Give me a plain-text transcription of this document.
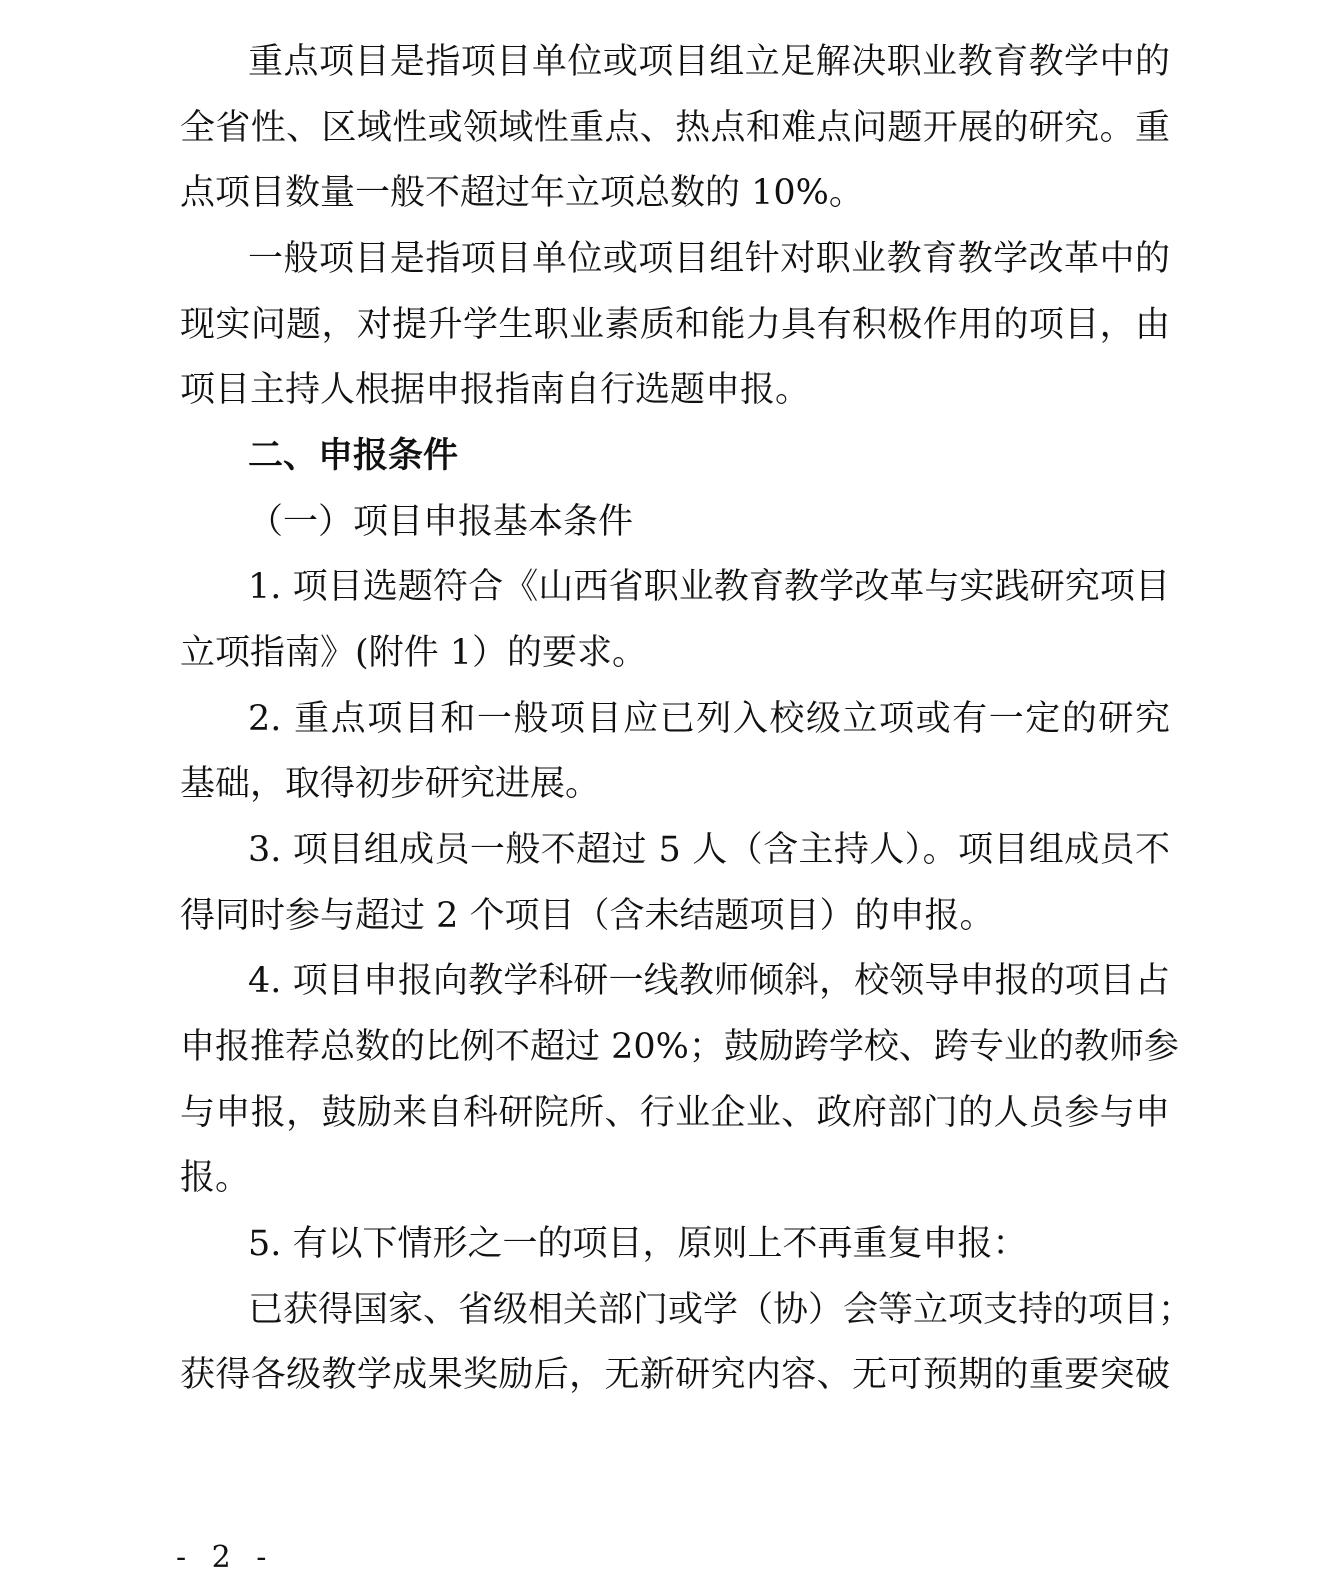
重点项目是指项目单位或项目组立足解决职业教育教学中的
全省性、区域性或领域性重点、热点和难点问题开展的研究。重
点项目数量一般不超过年立项总数的 10%。
一般项目是指项目单位或项目组针对职业教育教学改革中的
现实问题，对提升学生职业素质和能力具有积极作用的项目，由
项目主持人根据申报指南自行选题申报。
二、申报条件
（一）项目申报基本条件
1. 项目选题符合《山西省职业教育教学改革与实践研究项目
立项指南》(附件 1）的要求。
2. 重点项目和一般项目应已列入校级立项或有一定的研究
基础，取得初步研究进展。
3. 项目组成员一般不超过 5 人（含主持人）。项目组成员不
得同时参与超过 2 个项目（含未结题项目）的申报。
4. 项目申报向教学科研一线教师倾斜，校领导申报的项目占
申报推荐总数的比例不超过 20%；鼓励跨学校、跨专业的教师参
与申报，鼓励来自科研院所、行业企业、政府部门的人员参与申
报。
5. 有以下情形之一的项目，原则上不再重复申报：
已获得国家、省级相关部门或学（协）会等立项支持的项目；
获得各级教学成果奖励后，无新研究内容、无可预期的重要突破
- 2 -
